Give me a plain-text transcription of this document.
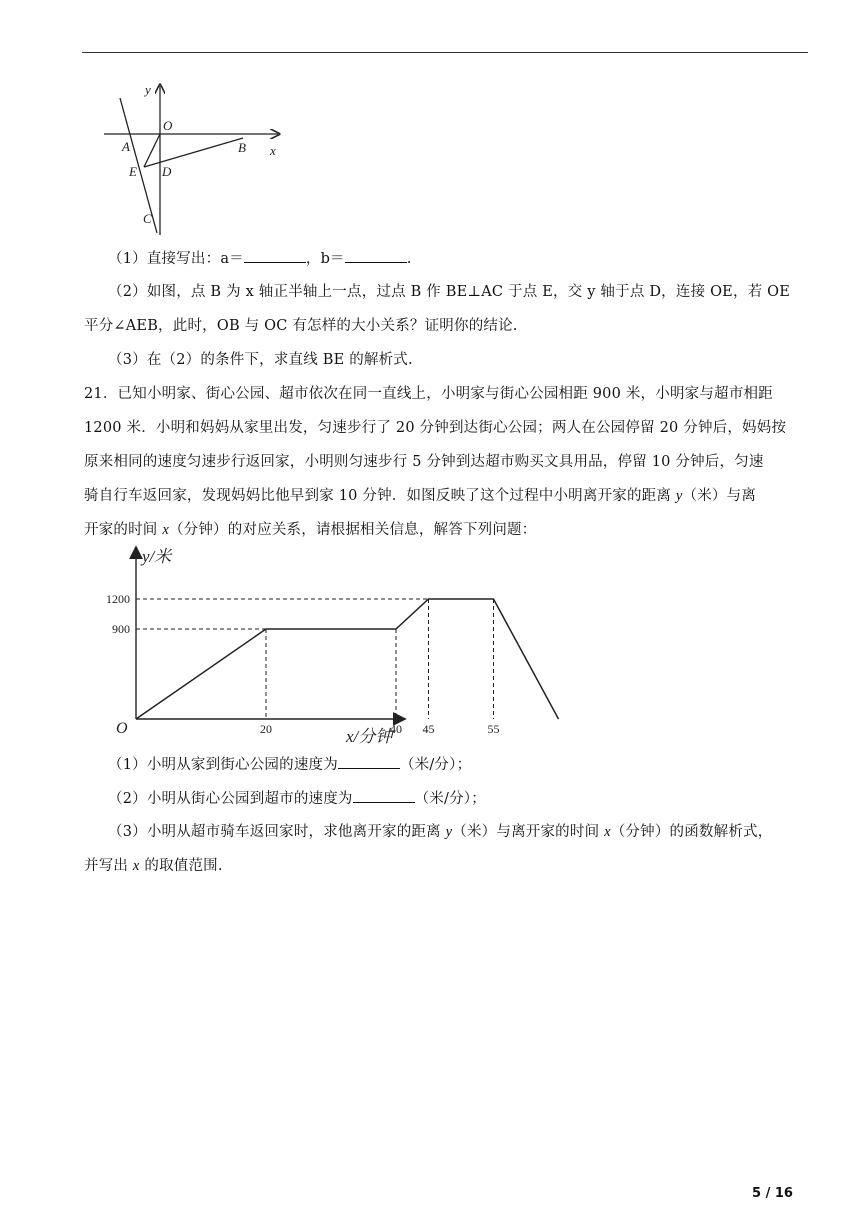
y
O
A	B x
E D
C
（1）直接写出：a＝	，b＝	.
（2）如图，点 B 为 x 轴正半轴上一点，过点 B 作 BE⊥AC 于点 E，交 y 轴于点 D，连接 OE，若 OE
平分∠AEB，此时，OB 与 OC 有怎样的大小关系？证明你的结论.
（3）在（2）的条件下，求直线 BE 的解析式.
21．已知小明家、街心公园、超市依次在同一直线上，小明家与街心公园相距 900 米，小明家与超市相距
1200 米．小明和妈妈从家里出发，匀速步行了 20 分钟到达街心公园；两人在公园停留 20 分钟后，妈妈按
原来相同的速度匀速步行返回家，小明则匀速步行 5 分钟到达超市购买文具用品，停留 10 分钟后，匀速
骑自行车返回家，发现妈妈比他早到家 10 分钟．如图反映了这个过程中小明离开家的距离 y（米）与离
开家的时间 x（分钟）的对应关系，请根据相关信息，解答下列问题：
20	40 45	55
1200
900
y/米
x/分钟
O
（1）小明从家到街心公园的速度为	（米/分）；
（2）小明从街心公园到超市的速度为	（米/分）；
（3）小明从超市骑车返回家时，求他离开家的距离 y（米）与离开家的时间 x（分钟）的函数解析式，
并写出 x 的取值范围.
5 / 16
